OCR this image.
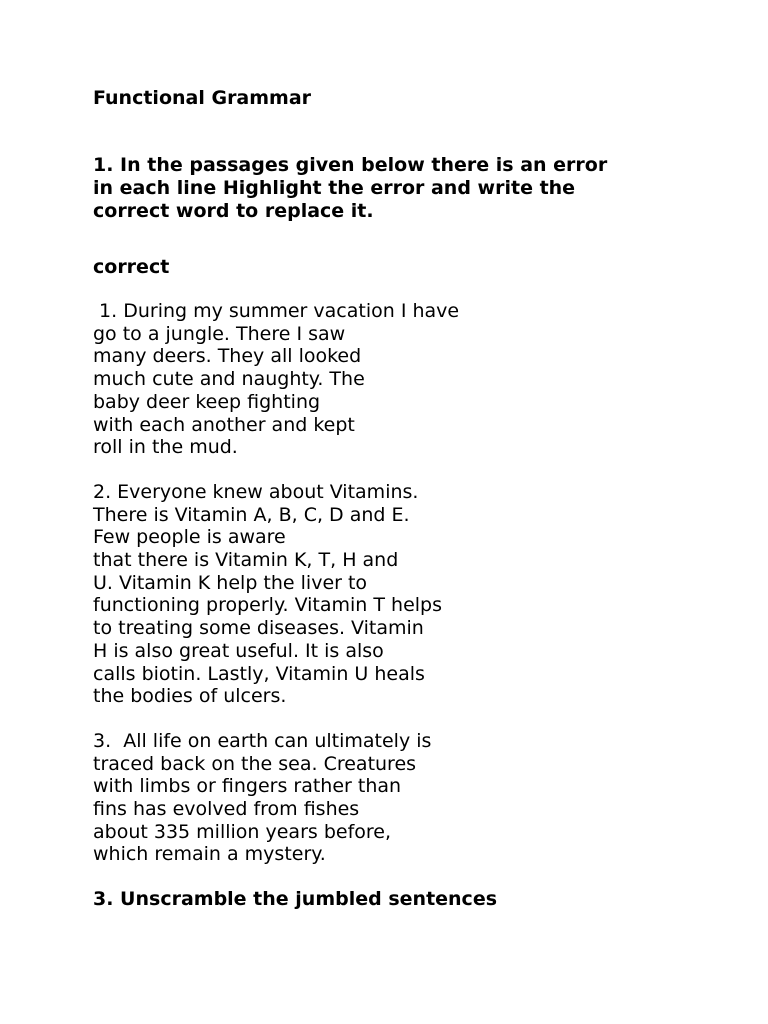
Functional Grammar

1. In the passages given below there is an error
in each line Highlight the error and write the
correct word to replace it.

correct

1. During my summer vacation I have
go to a jungle. There I saw
many deers. They all looked
much cute and naughty. The
baby deer keep fighting
with each another and kept
roll in the mud.

2. Everyone knew about Vitamins.
There is Vitamin A, B, C, D and E.
Few people is aware
that there is Vitamin K, T, H and
U. Vitamin K help the liver to
functioning properly. Vitamin T helps
to treating some diseases. Vitamin
H is also great useful. It is also
calls biotin. Lastly, Vitamin U heals
the bodies of ulcers.

3.  All life on earth can ultimately is
traced back on the sea. Creatures
with limbs or fingers rather than
fins has evolved from fishes
about 335 million years before,
which remain a mystery.

3. Unscramble the jumbled sentences
